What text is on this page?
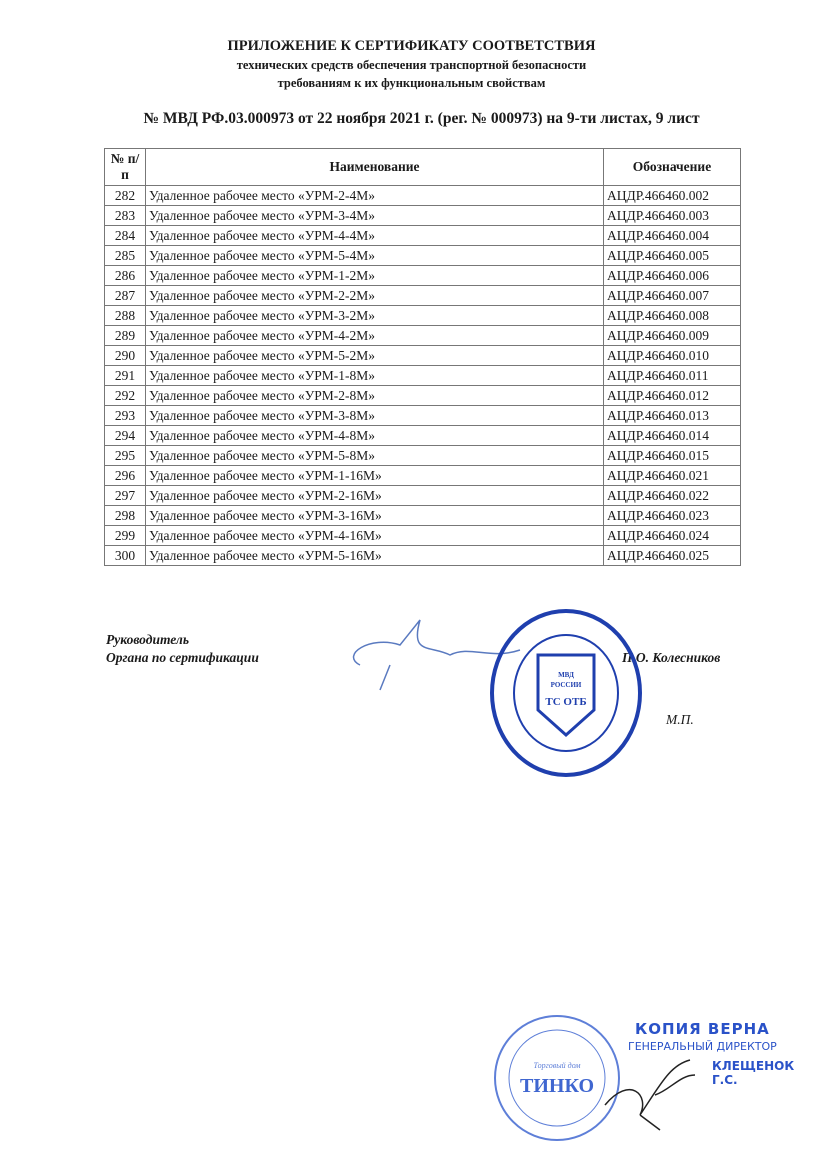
ПРИЛОЖЕНИЕ К СЕРТИФИКАТУ СООТВЕТСТВИЯ
технических средств обеспечения транспортной безопасности
требованиям к их функциональным свойствам
№ МВД РФ.03.000973 от 22 ноября 2021 г. (рег. № 000973) на 9-ти листах, 9 лист
№ п/п	Наименование	Обозначение
282	Удаленное рабочее место «УРМ-2-4М»	АЦДР.466460.002
283	Удаленное рабочее место «УРМ-3-4М»	АЦДР.466460.003
284	Удаленное рабочее место «УРМ-4-4М»	АЦДР.466460.004
285	Удаленное рабочее место «УРМ-5-4М»	АЦДР.466460.005
286	Удаленное рабочее место «УРМ-1-2М»	АЦДР.466460.006
287	Удаленное рабочее место «УРМ-2-2М»	АЦДР.466460.007
288	Удаленное рабочее место «УРМ-3-2М»	АЦДР.466460.008
289	Удаленное рабочее место «УРМ-4-2М»	АЦДР.466460.009
290	Удаленное рабочее место «УРМ-5-2М»	АЦДР.466460.010
291	Удаленное рабочее место «УРМ-1-8М»	АЦДР.466460.011
292	Удаленное рабочее место «УРМ-2-8М»	АЦДР.466460.012
293	Удаленное рабочее место «УРМ-3-8М»	АЦДР.466460.013
294	Удаленное рабочее место «УРМ-4-8М»	АЦДР.466460.014
295	Удаленное рабочее место «УРМ-5-8М»	АЦДР.466460.015
296	Удаленное рабочее место «УРМ-1-16М»	АЦДР.466460.021
297	Удаленное рабочее место «УРМ-2-16М»	АЦДР.466460.022
298	Удаленное рабочее место «УРМ-3-16М»	АЦДР.466460.023
299	Удаленное рабочее место «УРМ-4-16М»	АЦДР.466460.024
300	Удаленное рабочее место «УРМ-5-16М»	АЦДР.466460.025
Руководитель
Органа по сертификации	П.О. Колесников
М.П.
МВД
РОССИИ
ТС ОТБ
Торговый дом
ТИНКО
КОПИЯ ВЕРНА
ГЕНЕРАЛЬНЫЙ ДИРЕКТОР
КЛЕЩЕНОК Г.С.
